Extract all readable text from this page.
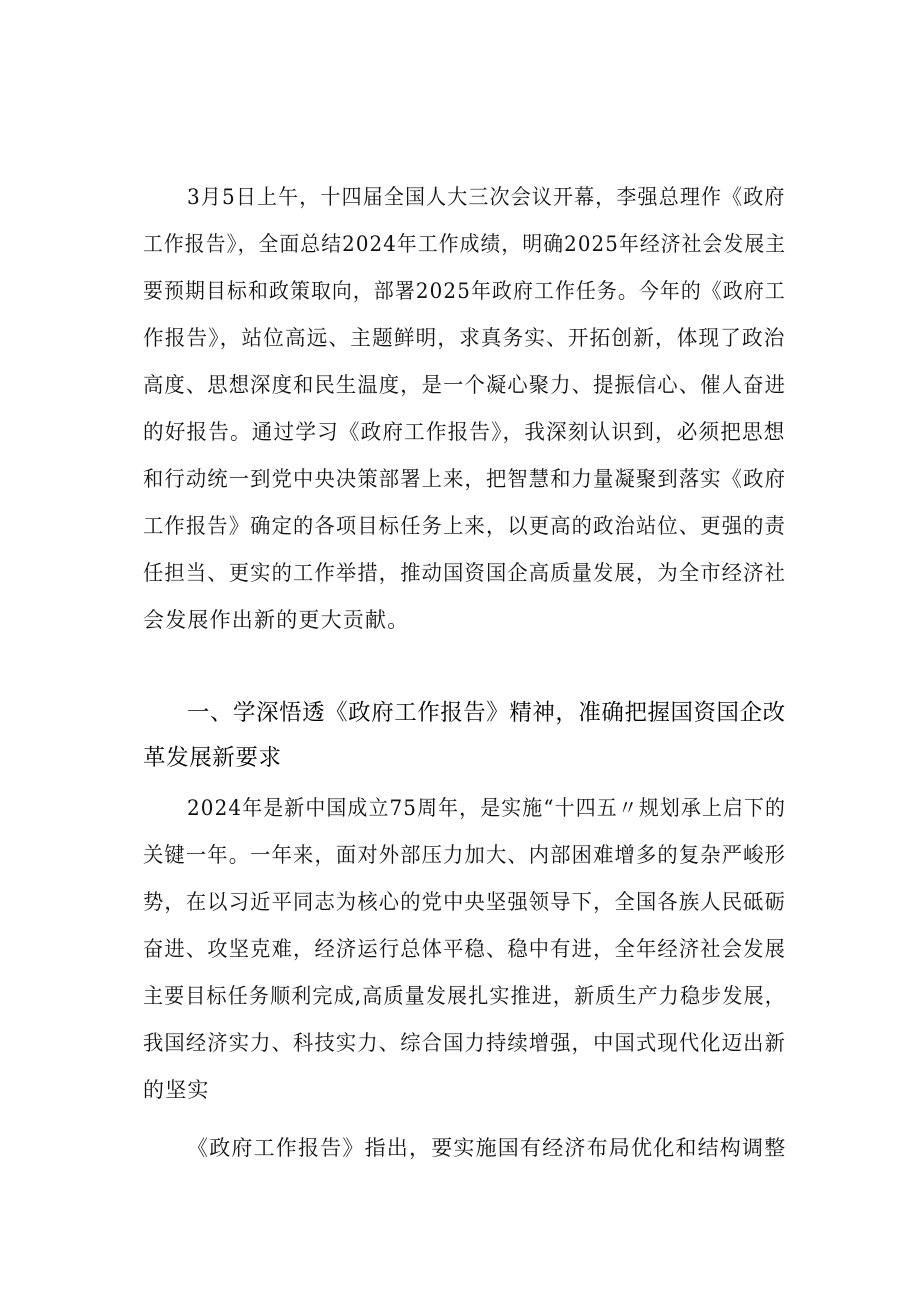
3月5日上午，十四届全国人大三次会议开幕，李强总理作《政府
工作报告》，全面总结2024年工作成绩，明确2025年经济社会发展主
要预期目标和政策取向，部署2025年政府工作任务。今年的《政府工
作报告》，站位高远、主题鲜明，求真务实、开拓创新，体现了政治
高度、思想深度和民生温度，是一个凝心聚力、提振信心、催人奋进
的好报告。通过学习《政府工作报告》，我深刻认识到，必须把思想
和行动统一到党中央决策部署上来，把智慧和力量凝聚到落实《政府
工作报告》确定的各项目标任务上来，以更高的政治站位、更强的责
任担当、更实的工作举措，推动国资国企高质量发展，为全市经济社
会发展作出新的更大贡献。
一、学深悟透《政府工作报告》精神，准确把握国资国企改
革发展新要求
2024年是新中国成立75周年，是实施“十四五〃规划承上启下的
关键一年。一年来，面对外部压力加大、内部困难增多的复杂严峻形
势，在以习近平同志为核心的党中央坚强领导下，全国各族人民砥砺
奋进、攻坚克难，经济运行总体平稳、稳中有进，全年经济社会发展
主要目标任务顺利完成,高质量发展扎实推进，新质生产力稳步发展，
我国经济实力、科技实力、综合国力持续增强，中国式现代化迈出新
的坚实
《政府工作报告》指出，要实施国有经济布局优化和结构调整
